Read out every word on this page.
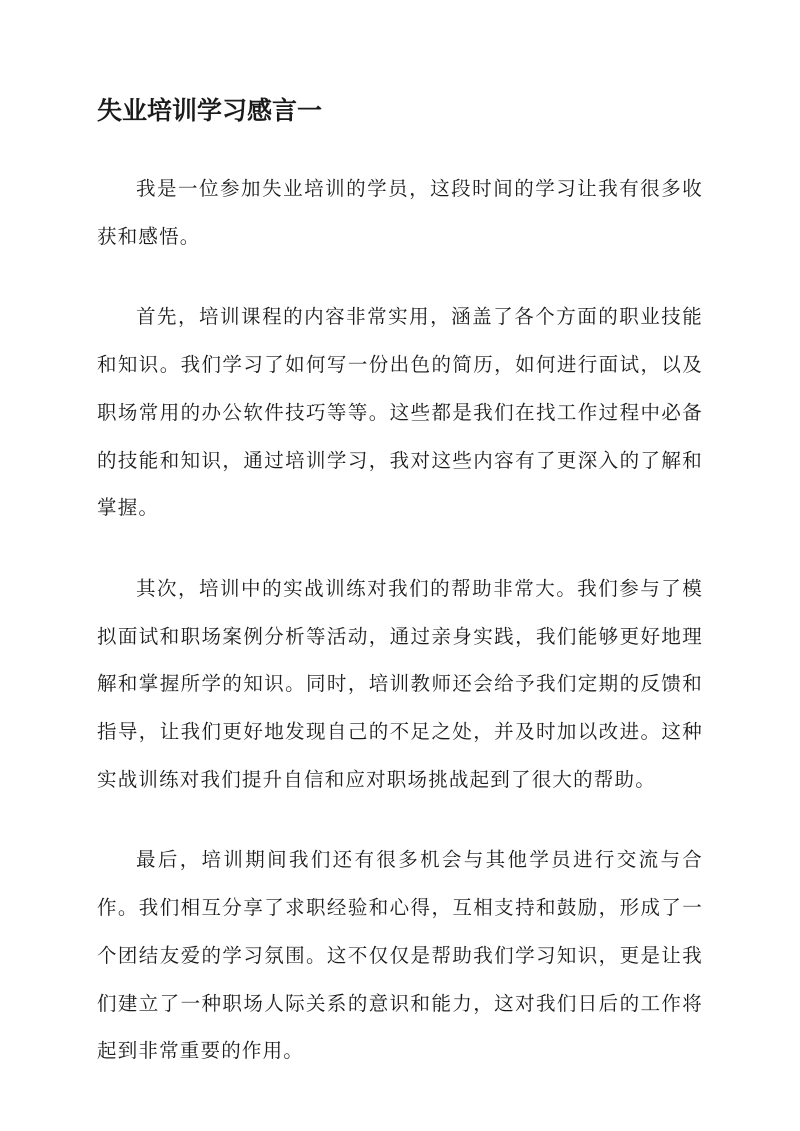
失业培训学习感言一

我是一位参加失业培训的学员，这段时间的学习让我有很多收获和感悟。

首先，培训课程的内容非常实用，涵盖了各个方面的职业技能和知识。我们学习了如何写一份出色的简历，如何进行面试，以及职场常用的办公软件技巧等等。这些都是我们在找工作过程中必备的技能和知识，通过培训学习，我对这些内容有了更深入的了解和掌握。

其次，培训中的实战训练对我们的帮助非常大。我们参与了模拟面试和职场案例分析等活动，通过亲身实践，我们能够更好地理解和掌握所学的知识。同时，培训教师还会给予我们定期的反馈和指导，让我们更好地发现自己的不足之处，并及时加以改进。这种实战训练对我们提升自信和应对职场挑战起到了很大的帮助。

最后，培训期间我们还有很多机会与其他学员进行交流与合作。我们相互分享了求职经验和心得，互相支持和鼓励，形成了一个团结友爱的学习氛围。这不仅仅是帮助我们学习知识，更是让我们建立了一种职场人际关系的意识和能力，这对我们日后的工作将起到非常重要的作用。
